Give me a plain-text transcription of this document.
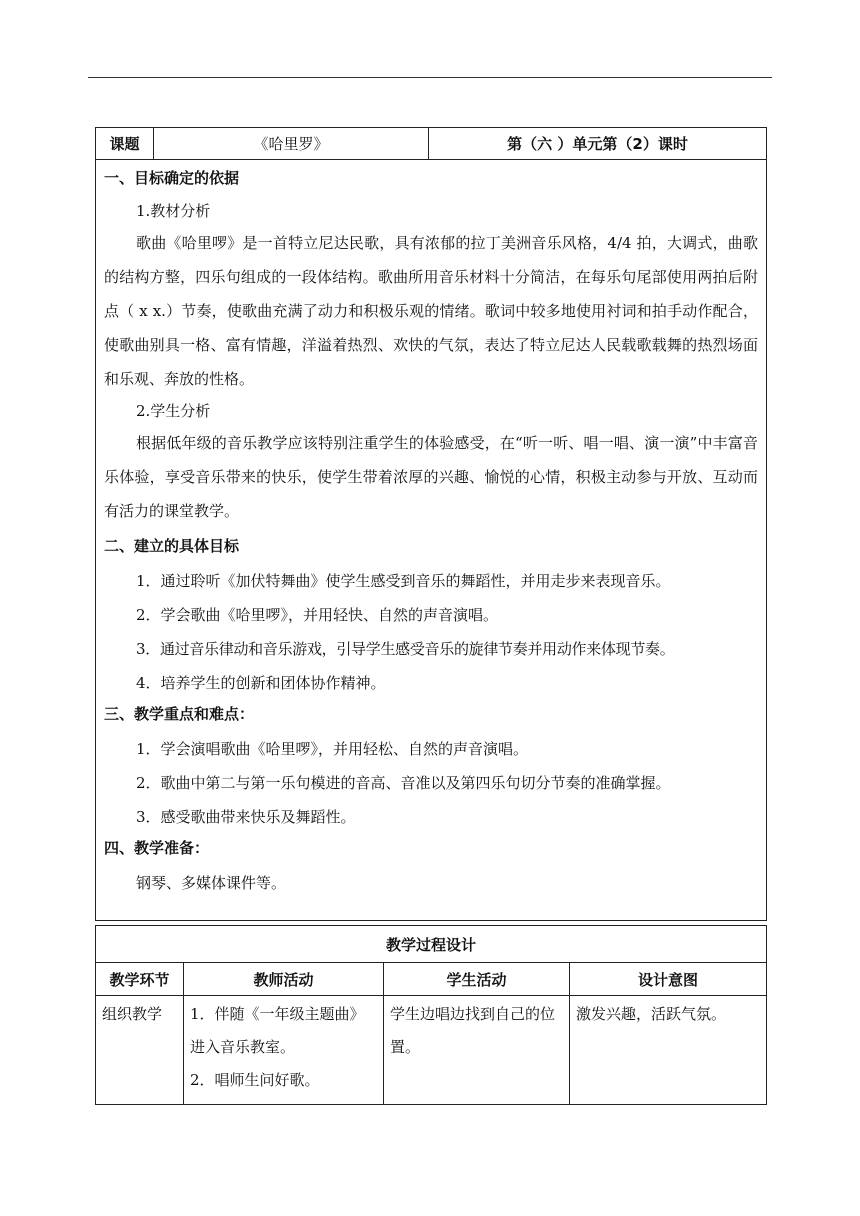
课题	《哈里罗》	第（六 ）单元第（2）课时

一、目标确定的依据
1.教材分析

歌曲《哈里啰》是一首特立尼达民歌，具有浓郁的拉丁美洲音乐风格，4/4 拍，大调式，曲歌的结构方整，四乐句组成的一段体结构。歌曲所用音乐材料十分简洁，在每乐句尾部使用两拍后附点（ x x.）节奏，使歌曲充满了动力和积极乐观的情绪。歌词中较多地使用衬词和拍手动作配合，使歌曲别具一格、富有情趣，洋溢着热烈、欢快的气氛，表达了特立尼达人民载歌载舞的热烈场面和乐观、奔放的性格。

2.学生分析

根据低年级的音乐教学应该特别注重学生的体验感受，在“听一听、唱一唱、演一演”中丰富音乐体验，享受音乐带来的快乐，使学生带着浓厚的兴趣、愉悦的心情，积极主动参与开放、互动而有活力的课堂教学。

二、建立的具体目标
1．通过聆听《加伏特舞曲》使学生感受到音乐的舞蹈性，并用走步来表现音乐。
2．学会歌曲《哈里啰》，并用轻快、自然的声音演唱。
3．通过音乐律动和音乐游戏，引导学生感受音乐的旋律节奏并用动作来体现节奏。
4．培养学生的创新和团体协作精神。
三、教学重点和难点：
1．学会演唱歌曲《哈里啰》，并用轻松、自然的声音演唱。
2．歌曲中第二与第一乐句模进的音高、音准以及第四乐句切分节奏的准确掌握。
3．感受歌曲带来快乐及舞蹈性。
四、教学准备：
钢琴、多媒体课件等。
教学过程设计			
教学环节	教师活动	学生活动	设计意图
组织教学	1．伴随《一年级主题曲》进入音乐教室。
2．唱师生问好歌。	学生边唱边找到自己的位置。	激发兴趣，活跃气氛。
